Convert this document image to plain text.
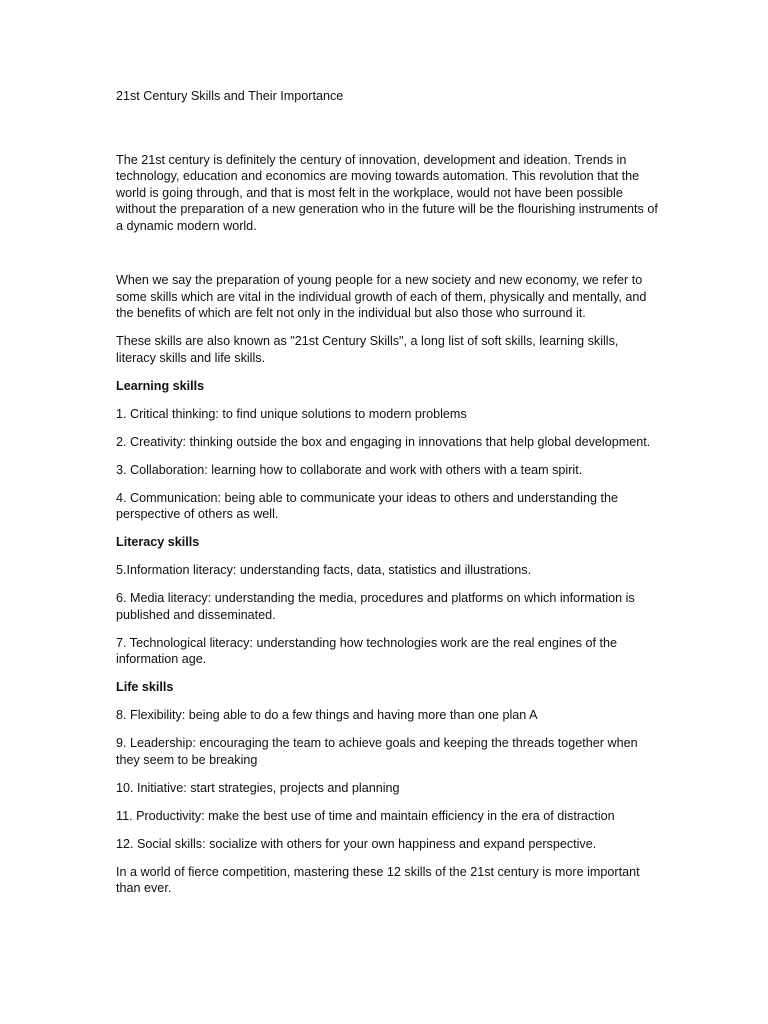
21st Century Skills and Their Importance

The 21st century is definitely the century of innovation, development and ideation. Trends in technology, education and economics are moving towards automation. This revolution that the world is going through, and that is most felt in the workplace, would not have been possible without the preparation of a new generation who in the future will be the flourishing instruments of a dynamic modern world.

When we say the preparation of young people for a new society and new economy, we refer to some skills which are vital in the individual growth of each of them, physically and mentally, and the benefits of which are felt not only in the individual but also those who surround it.

These skills are also known as "21st Century Skills", a long list of soft skills, learning skills, literacy skills and life skills.

Learning skills

1. Critical thinking: to find unique solutions to modern problems

2. Creativity: thinking outside the box and engaging in innovations that help global development.

3. Collaboration: learning how to collaborate and work with others with a team spirit.

4. Communication: being able to communicate your ideas to others and understanding the perspective of others as well.

Literacy skills

5.Information literacy: understanding facts, data, statistics and illustrations.

6. Media literacy: understanding the media, procedures and platforms on which information is published and disseminated.

7. Technological literacy: understanding how technologies work are the real engines of the information age.

Life skills

8. Flexibility: being able to do a few things and having more than one plan A

9. Leadership: encouraging the team to achieve goals and keeping the threads together when they seem to be breaking

10. Initiative: start strategies, projects and planning

11. Productivity: make the best use of time and maintain efficiency in the era of distraction

12. Social skills: socialize with others for your own happiness and expand perspective.

In a world of fierce competition, mastering these 12 skills of the 21st century is more important than ever.
